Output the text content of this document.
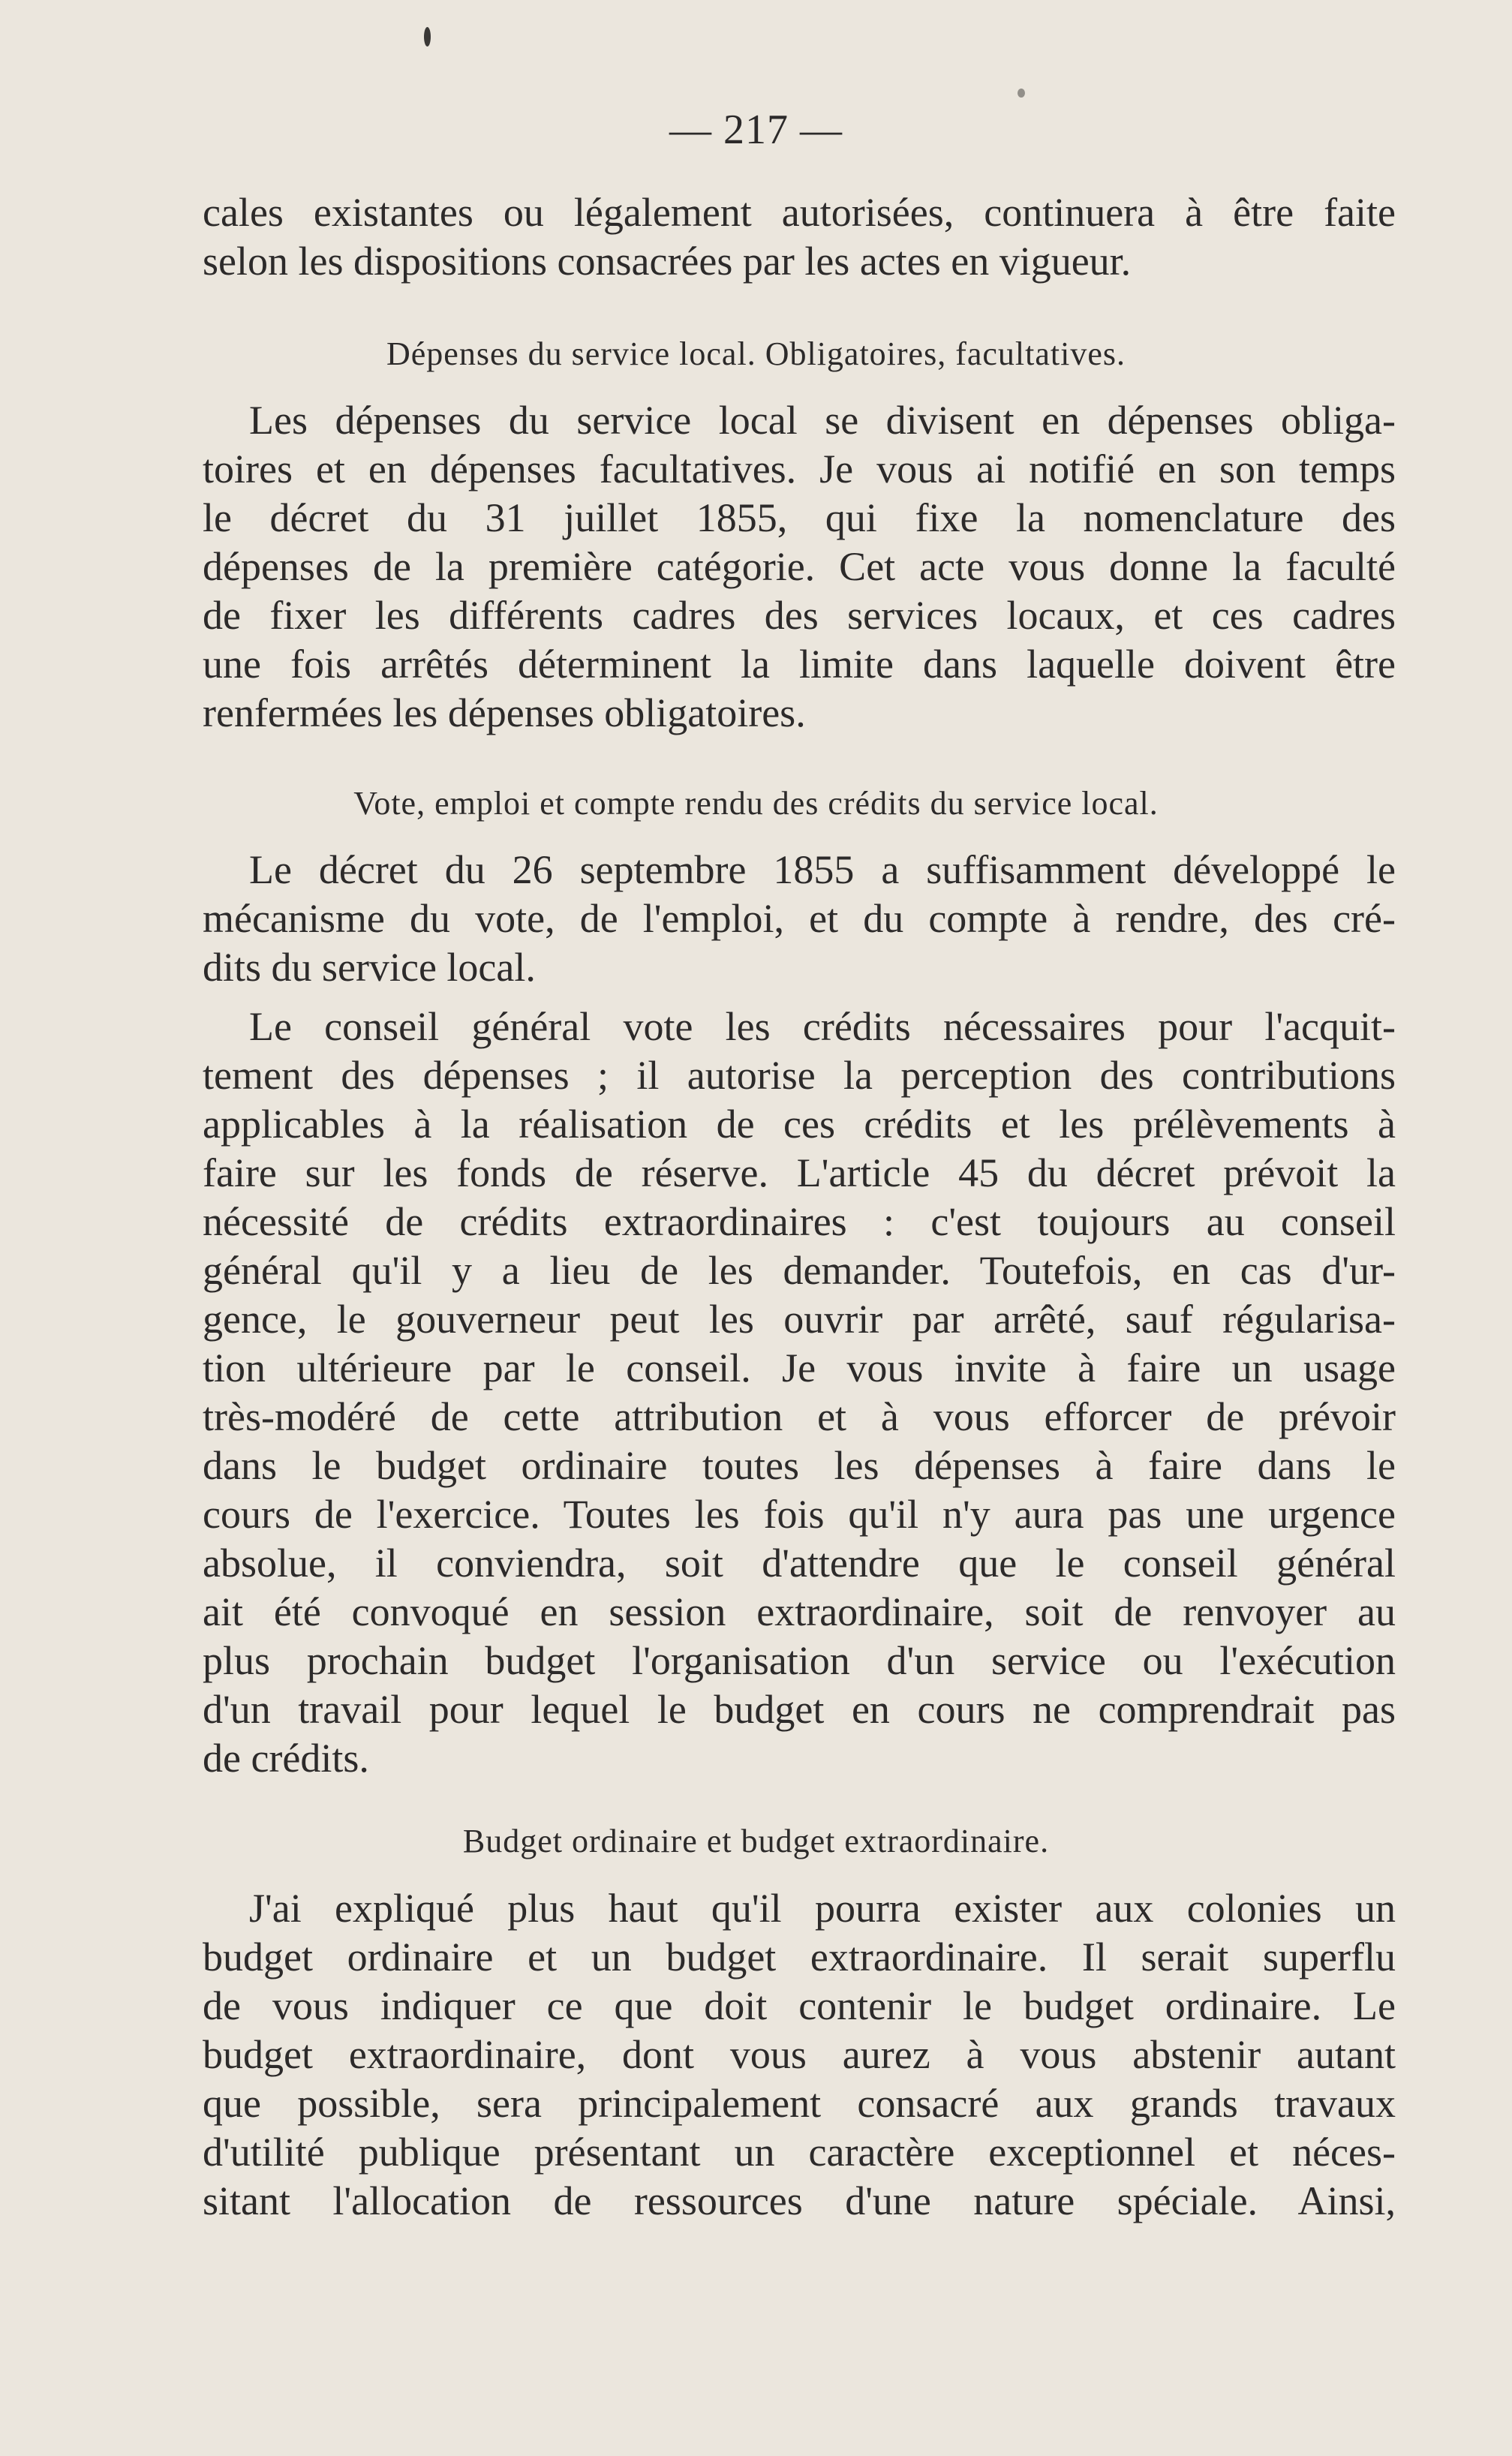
— 217 —
cales existantes ou légalement autorisées, continuera à être faite
selon les dispositions consacrées par les actes en vigueur.
Dépenses du service local. Obligatoires, facultatives.
Les dépenses du service local se divisent en dépenses obliga-
toires et en dépenses facultatives. Je vous ai notifié en son temps
le décret du 31 juillet 1855, qui fixe la nomenclature des
dépenses de la première catégorie. Cet acte vous donne la faculté
de fixer les différents cadres des services locaux, et ces cadres
une fois arrêtés déterminent la limite dans laquelle doivent être
renfermées les dépenses obligatoires.
Vote, emploi et compte rendu des crédits du service local.
Le décret du 26 septembre 1855 a suffisamment développé le
mécanisme du vote, de l'emploi, et du compte à rendre, des cré-
dits du service local.
Le conseil général vote les crédits nécessaires pour l'acquit-
tement des dépenses ; il autorise la perception des contributions
applicables à la réalisation de ces crédits et les prélèvements à
faire sur les fonds de réserve. L'article 45 du décret prévoit la
nécessité de crédits extraordinaires : c'est toujours au conseil
général qu'il y a lieu de les demander. Toutefois, en cas d'ur-
gence, le gouverneur peut les ouvrir par arrêté, sauf régularisa-
tion ultérieure par le conseil. Je vous invite à faire un usage
très-modéré de cette attribution et à vous efforcer de prévoir
dans le budget ordinaire toutes les dépenses à faire dans le
cours de l'exercice. Toutes les fois qu'il n'y aura pas une urgence
absolue, il conviendra, soit d'attendre que le conseil général
ait été convoqué en session extraordinaire, soit de renvoyer au
plus prochain budget l'organisation d'un service ou l'exécution
d'un travail pour lequel le budget en cours ne comprendrait pas
de crédits.
Budget ordinaire et budget extraordinaire.
J'ai expliqué plus haut qu'il pourra exister aux colonies un
budget ordinaire et un budget extraordinaire. Il serait superflu
de vous indiquer ce que doit contenir le budget ordinaire. Le
budget extraordinaire, dont vous aurez à vous abstenir autant
que possible, sera principalement consacré aux grands travaux
d'utilité publique présentant un caractère exceptionnel et néces-
sitant l'allocation de ressources d'une nature spéciale. Ainsi,
